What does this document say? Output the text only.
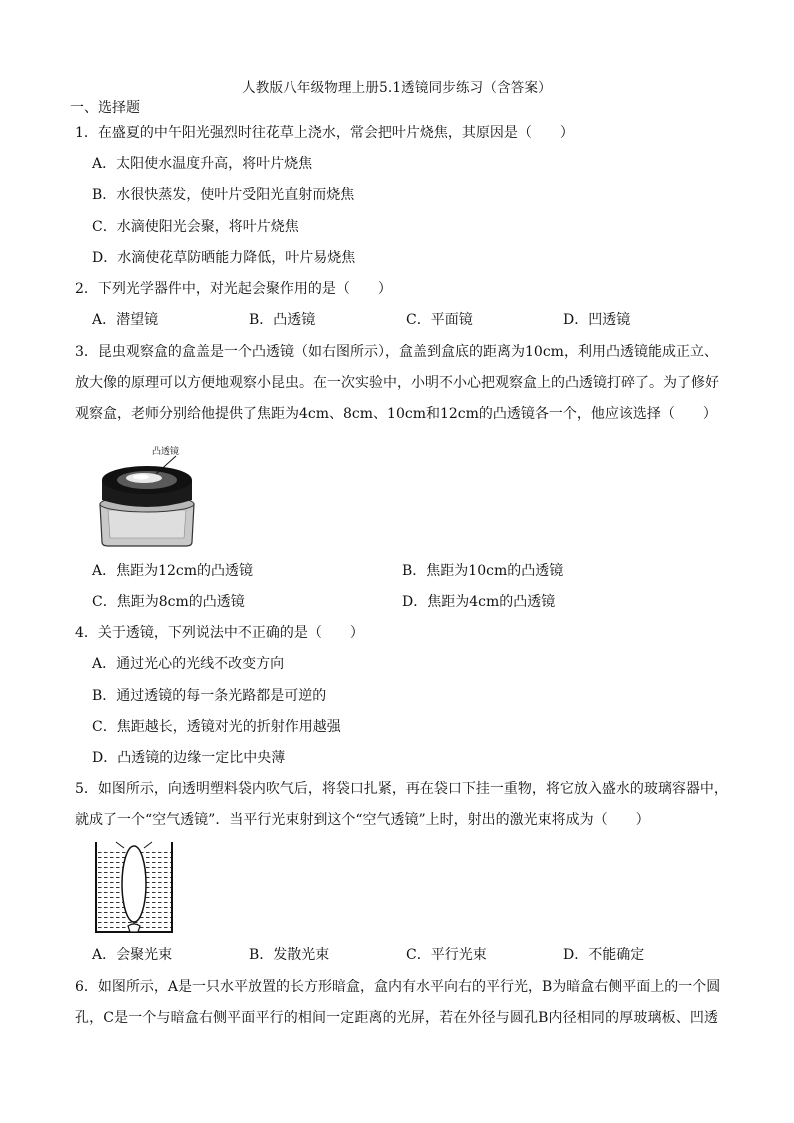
人教版八年级物理上册5.1透镜同步练习（含答案）
一、选择题
1．在盛夏的中午阳光强烈时往花草上浇水，常会把叶片烧焦，其原因是（　　）
A．太阳使水温度升高，将叶片烧焦
B．水很快蒸发，使叶片受阳光直射而烧焦
C．水滴使阳光会聚，将叶片烧焦
D．水滴使花草防晒能力降低，叶片易烧焦
2．下列光学器件中，对光起会聚作用的是（　　）
A．潜望镜	B．凸透镜	C．平面镜	D．凹透镜
3．昆虫观察盒的盒盖是一个凸透镜（如右图所示），盒盖到盒底的距离为10cm，利用凸透镜能成正立、
放大像的原理可以方便地观察小昆虫。在一次实验中，小明不小心把观察盒上的凸透镜打碎了。为了修好
观察盒，老师分别给他提供了焦距为4cm、8cm、10cm和12cm的凸透镜各一个，他应该选择（　　）
凸透镜
A．焦距为12cm的凸透镜	B．焦距为10cm的凸透镜
C．焦距为8cm的凸透镜	D．焦距为4cm的凸透镜
4．关于透镜，下列说法中不正确的是（　　）
A．通过光心的光线不改变方向
B．通过透镜的每一条光路都是可逆的
C．焦距越长，透镜对光的折射作用越强
D．凸透镜的边缘一定比中央薄
5．如图所示，向透明塑料袋内吹气后，将袋口扎紧，再在袋口下挂一重物，将它放入盛水的玻璃容器中，
就成了一个“空气透镜”．当平行光束射到这个“空气透镜”上时，射出的激光束将成为（　　）
A．会聚光束	B．发散光束	C．平行光束	D．不能确定
6．如图所示，A是一只水平放置的长方形暗盒，盒内有水平向右的平行光，B为暗盒右侧平面上的一个圆
孔，C是一个与暗盒右侧平面平行的相间一定距离的光屏，若在外径与圆孔B内径相同的厚玻璃板、凹透
